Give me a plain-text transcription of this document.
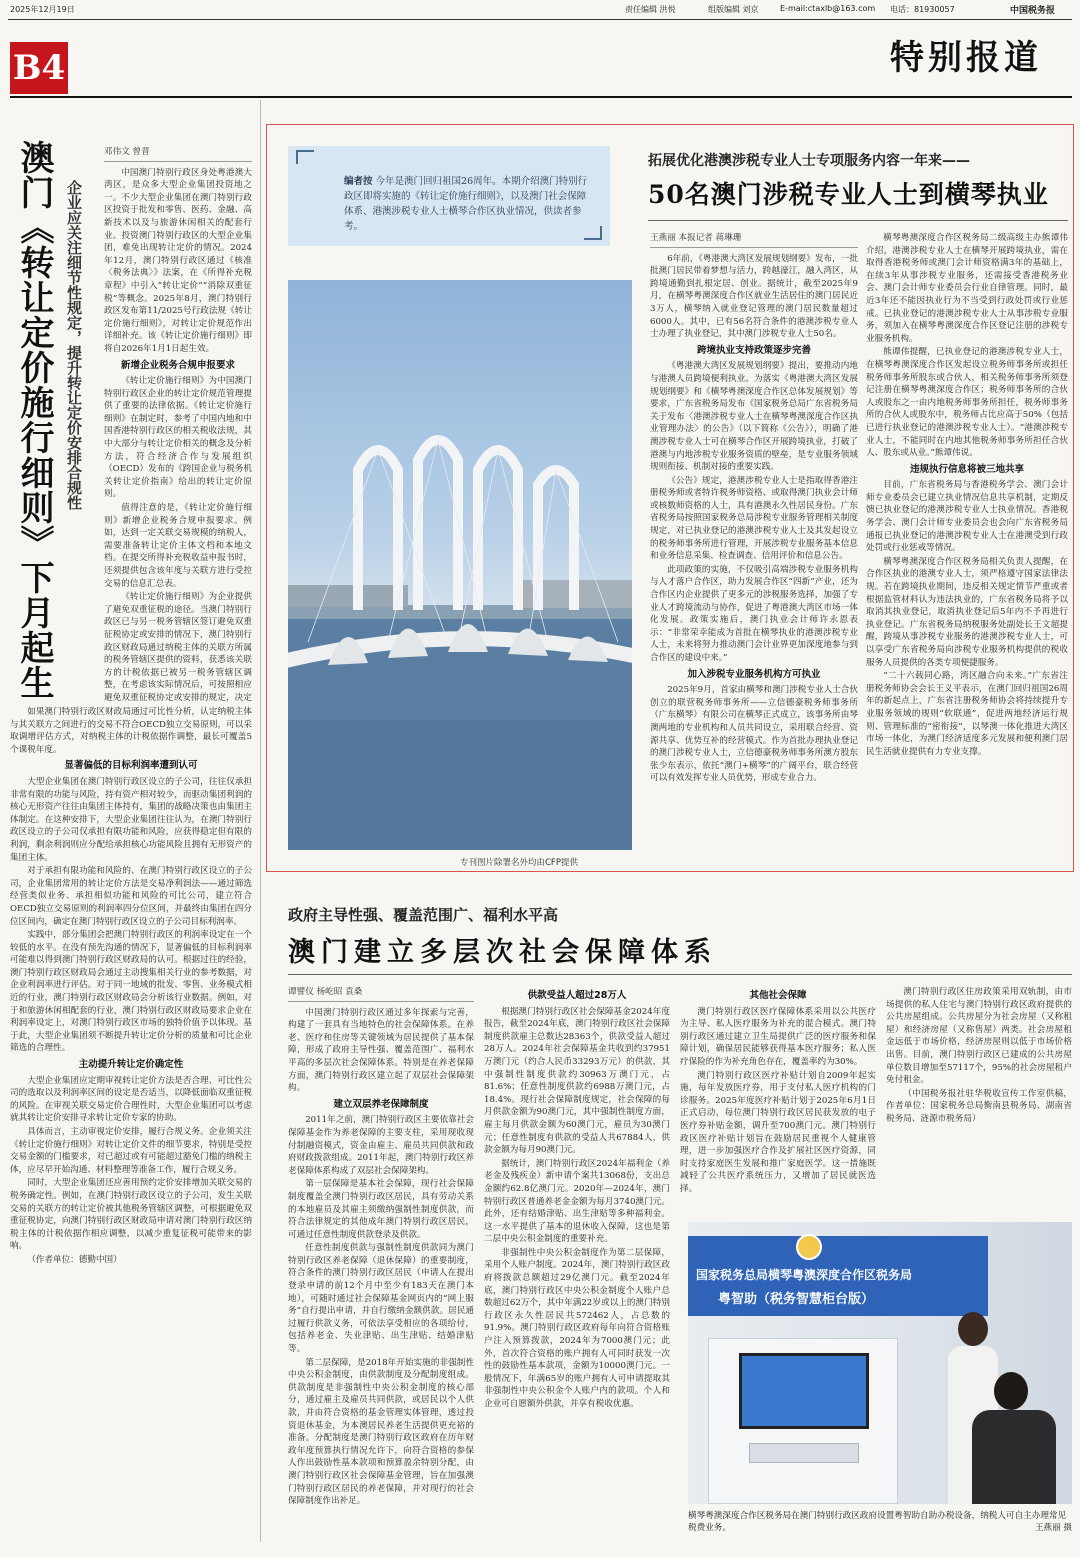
2025年12月19日	责任编辑 洪悦	组版编辑 刘京	E-mail:ctaxlb@163.com 电话：81930057	中国税务报
B4	特别报道
澳门《转让定价施行细则》下月起生
企业应关注细节性规定，提升转让定价安排合规性
邓伟文 曾晋

中国澳门特别行政区身处粤港澳大湾区，是众多大型企业集团投资地之一。不少大型企业集团在澳门特别行政区投资于批发和零售、医药、金融、高新技术以及与旅游休闲相关的配套行业。投资澳门特别行政区的大型企业集团，难免出现转让定价的情况。2024年12月，澳门特别行政区通过《核准〈税务法典〉》法案，在《所得补充税章程》中引入“转让定价”“消除双重征税”等概念。2025年8月，澳门特别行政区发布第11/2025号行政法规《转让定价施行细则》，对转让定价规范作出详细补充。该《转让定价施行细则》即将自2026年1月1日起生效。

新增企业税务合规申报要求

《转让定价施行细则》为中国澳门特别行政区企业的转让定价规范管理提供了重要的法律依据。《转让定价施行细则》在制定时，参考了中国内地和中国香港特别行政区的相关税收法规，其中大部分与转让定价相关的概念及分析方法，符合经济合作与发展组织（OECD）发布的《跨国企业与税务机关转让定价指南》给出的转让定价原则。

值得注意的是，《转让定价施行细则》新增企业税务合规申报要求。例如，达到一定关联交易规模的纳税人，需要准备转让定价主体文档和本地文档。在提交所得补充税收益申报书时，还须提供包含该年度与关联方进行受控交易的信息汇总表。

《转让定价施行细则》为企业提供了避免双重征税的途径。当澳门特别行政区已与另一税务管辖区签订避免双重征税协定或安排的情况下，澳门特别行政区财政局通过纳税主体的关联方所属的税务管辖区提供的资料，获悉该关联方的计税依据已被另一税务管辖区调整，在考虑该实际情况后，可按照相应避免双重征税协定或安排的规定，决定

如果澳门特别行政区财政局通过可比性分析，认定纳税主体与其关联方之间进行的交易不符合OECD独立交易原则，可以采取调增评估方式，对纳税主体的计税依据作调整，最长可覆盖5个课税年度。

显著偏低的目标利润率遭到认可

大型企业集团在澳门特别行政区设立的子公司，往往仅承担非常有限的功能与风险，持有资产相对较少，而驱动集团利润的核心无形资产往往由集团主体持有，集团的战略决策也由集团主体制定。在这种安排下，大型企业集团往往认为，在澳门特别行政区设立的子公司仅承担有限功能和风险，应获得稳定但有限的利润，剩余利润则应分配给承担核心功能风险且拥有无形资产的集团主体。

对于承担有限功能和风险的、在澳门特别行政区设立的子公司，企业集团常用的转让定价方法是交易净利润法——通过筛选经营类似业务、承担相似功能和风险的可比公司，建立符合OECD独立交易原则的利润率四分位区间，并最终由集团在四分位区间内，确定在澳门特别行政区设立的子公司目标利润率。

实践中，部分集团会把澳门特别行政区的利润率设定在一个较低的水平。在没有预先沟通的情况下，显著偏低的目标利润率可能难以得到澳门特别行政区财政局的认可。根据过往的经验，澳门特别行政区财政局会通过主动搜集相关行业的参考数据，对企业利润率进行评估。对于同一地域的批发、零售、业务模式相近的行业，澳门特别行政区财政局会分析该行业数据。例如，对于和旅游休闲相配套的行业，澳门特别行政区财政局要求企业在利润率设定上，对澳门特别行政区市场的独特价值予以体现。基于此，大型企业集团须不断提升转让定价分析的质量和可比企业筛选的合理性。

主动提升转让定价确定性

大型企业集团应定期审视转让定价方法是否合理、可比性公司的选取以及利润率区间的设定是否适当，以降低面临双重征税的风险。在审视关联交易定价合理性时，大型企业集团可以考虑就其转让定价安排寻求转让定价专家的协助。

具体而言，主动审视定价安排，履行合规义务。企业须关注《转让定价施行细则》对转让定价文件的细节要求，特别是受控交易金额的门槛要求，对已超过或有可能超过豁免门槛的纳税主体，应尽早开始沟通、材料整理等准备工作，履行合规义务。

同时，大型企业集团还应善用预约定价安排增加关联交易的税务确定性。例如，在澳门特别行政区设立的子公司，发生关联交易的关联方的转让定价被其他税务管辖区调整，可根据避免双重征税协定，向澳门特别行政区财政局申请对澳门特别行政区纳税主体的计税依据作相应调整，以减少重复征税可能带来的影响。

（作者单位：德勤中国）

编者按 今年是澳门回归祖国26周年。本期介绍澳门特别行政区即将实施的《转让定价施行细则》，以及澳门社会保障体系、港澳涉税专业人士横琴合作区执业情况，供读者参考。
专刊图片除署名外均由CFP提供
拓展优化港澳涉税专业人士专项服务内容一年来——
50名澳门涉税专业人士到横琴执业
王燕丽 本报记者 蒋琳珊

6年前，《粤港澳大湾区发展规划纲要》发布，一批批澳门居民带着梦想与活力，跨越濠江，融入湾区，从跨境通勤到扎根定居、创业。据统计，截至2025年9月，在横琴粤澳深度合作区就业生活居住的澳门居民近3万人，横琴纳入就业登记管理的澳门居民数量超过6000人。其中，已有56名符合条件的港澳涉税专业人士办理了执业登记，其中澳门涉税专业人士50名。

跨境执业支持政策逐步完善

《粤港澳大湾区发展规划纲要》提出，要推动内地与港澳人员跨境便利执业。为落实《粤港澳大湾区发展规划纲要》和《横琴粤澳深度合作区总体发展规划》等要求，广东省税务局发布《国家税务总局广东省税务局关于发布〈港澳涉税专业人士在横琴粤澳深度合作区执业管理办法〉的公告》（以下简称《公告》），明确了港澳涉税专业人士可在横琴合作区开展跨境执业，打破了港澳与内地涉税专业服务资质的壁垒，是专业服务领域规则衔接、机制对接的重要实践。

《公告》规定，港澳涉税专业人士是指取得香港注册税务师或者特许税务师资格、或取得澳门执业会计师或核数师资格的人士，具有港澳永久性居民身份。广东省税务局按照国家税务总局涉税专业服务管理相关制度规定，对已执业登记的港澳涉税专业人士及其发起设立的税务师事务所进行管理，开展涉税专业服务基本信息和业务信息采集、检查调查、信用评价和信息公告。

此项政策的实施，不仅吸引高端涉税专业服务机构与人才落户合作区，助力发展合作区“四新”产业，还为合作区内企业提供了更多元的涉税服务选择，加强了专业人才跨境流动与协作，促进了粤港澳大湾区市场一体化发展。政策实施后，澳门执业会计师许永恩表示：“非常荣幸能成为首批在横琴执业的港澳涉税专业人士，未来将努力推动澳门会计业界更加深度地参与到合作区的建设中来。”

加入涉税专业服务机构方可执业

2025年9月，首家由横琴和澳门涉税专业人士合伙创立的联营税务师事务所——立信德豪税务师事务所（广东横琴）有限公司在横琴正式成立，该事务所由琴澳两地的专业机构和人员共同设立，采用联合经营、资源共享、优势互补的经营模式。作为首批办理执业登记的澳门涉税专业人士，立信德豪税务师事务所澳方股东张少东表示，依托“澳门+横琴”的广阔平台，联合经营可以有效发挥专业人员优势，形成专业合力。

横琴粤澳深度合作区税务局二级高级主办熊谭伟介绍，港澳涉税专业人士在横琴开展跨境执业，需在取得香港税务师或澳门会计师资格满3年的基础上，在续3年从事涉税专业服务，还需接受香港税务业会、澳门会计师专业委员会行业自律管理。同时，最近3年还不能因执业行为不当受到行政处罚或行业惩戒。已执业登记的港澳涉税专业人士从事涉税专业服务，须加入在横琴粤澳深度合作区登记注册的涉税专业服务机构。

熊谭伟提醒，已执业登记的港澳涉税专业人士，在横琴粤澳深度合作区发起设立税务师事务所或担任税务师事务所股东或合伙人，相关税务师事务所须登记注册在横琴粤澳深度合作区；税务师事务所的合伙人或股东之一由内地税务师事务所担任，税务师事务所的合伙人或股东中，税务师占比应高于50%（包括已进行执业登记的港澳涉税专业人士）。“港澳涉税专业人士，不能同时在内地其他税务师事务所担任合伙人、股东或从业。”熊谭伟说。

违规执行信息将被三地共享

目前，广东省税务局与香港税务学会、澳门会计师专业委员会已建立执业情况信息共享机制，定期反馈已执业登记的港澳涉税专业人士执业情况。香港税务学会、澳门会计师专业委员会也会向广东省税务局通报已执业登记的港澳涉税专业人士在港澳受到行政处罚或行业惩戒等情况。

横琴粤澳深度合作区税务局相关负责人提醒，在合作区执业的港澳专业人士，须严格遵守国家法律法规。若在跨境执业期间，违反相关规定情节严重或者根据监管材料认为违法执业的，广东省税务局将予以取消其执业登记，取消执业登记后5年内不予再进行执业登记。广东省税务局纳税服务处副处长王文超提醒，跨境从事涉税专业服务的港澳涉税专业人士，可以享受广东省税务局向涉税专业服务机构提供的税收服务人员提供的各类专项便捷服务。

“二十六载同心路，湾区融合向未来。”广东省注册税务师协会会长王义平表示，在澳门回归祖国26周年的新起点上，广东省注册税务师协会将持续提升专业服务领域的规则“软联通”，促进两地经济运行规则、管理标准的“密衔接”，以琴澳一体化推进大湾区市场一体化，为澳门经济适度多元发展和便利澳门居民生活就业提供有力专业支撑。

政府主导性强、覆盖范围广、福利水平高
澳门建立多层次社会保障体系
谭譬仪 杨屹昭 袁桑

中国澳门特别行政区通过多年探索与完善，构建了一套具有当地特色的社会保障体系。在养老、医疗和住房等关键领域为居民提供了基本保障，形成了政府主导性强、覆盖范围广、福利水平高的多层次社会保障体系。特别是在养老保障方面，澳门特别行政区建立起了双层社会保障架构。

建立双层养老保障制度

2011年之前，澳门特别行政区主要依靠社会保障基金作为养老保障的主要支柱，采用现收现付制融资模式，资金由雇主、雇员共同供款和政府财政拨款组成。2011年起，澳门特别行政区养老保障体系构成了双层社会保障架构。

第一层保障是基本社会保障，现行社会保障制度覆盖全澳门特别行政区居民，具有劳动关系的本地雇员及其雇主须缴纳强制性制度供款，而符合法律规定的其他成年澳门特别行政区居民，可通过任意性制度供款登录及供款。

任意性制度供款与强制性制度供款同为澳门特别行政区养老保障（退休保障）的重要制度，符合条件的澳门特别行政区居民（申请人在提出登录申请的前12个月中至少有183天在澳门本地），可随时通过社会保障基金网页内的“网上服务”自行提出申请，并自行缴纳金额供款。居民通过履行供款义务，可依法享受相应的各项给付，包括养老金、失业津贴、出生津贴、结婚津贴等。

第二层保障，是2018年开始实施的非强制性中央公积金制度，由供款制度及分配制度组成。供款制度是非强制性中央公积金制度的核心部分，通过雇主及雇员共同供款，或居民以个人供款，并由符合资格的基金管理实体管理，透过投资退休基金，为本澳居民养老生活提供更充裕的准备。分配制度是澳门特别行政区政府在历年财政年度预算执行情况允许下，向符合资格的参保人作出鼓励性基本款项和预算盈余特别分配，由澳门特别行政区社会保障基金管理，旨在加强澳门特别行政区居民的养老保障，并对现行的社会保障制度作出补足。

供款受益人超过28万人

根据澳门特别行政区社会保障基金2024年度报告，截至2024年底，澳门特别行政区社会保障制度供款雇主总数达28363个，供款受益人超过28万人。2024年社会保障基金共收到约37951万澳门元（约合人民币33293万元）的供款，其中强制性制度供款约30963万澳门元，占81.6%；任意性制度供款约6988万澳门元，占18.4%。现行社会保障制度规定，社会保障的每月供款金额为90澳门元，其中强制性制度方面，雇主每月供款金额为60澳门元，雇员为30澳门元；任意性制度有供款的受益人共67884人，供款金额为每月90澳门元。

据统计，澳门特别行政区2024年福利金（养老金及残疾金）新申请个案共13068份，支出总金额约62.8亿澳门元。2020年—2024年，澳门特别行政区普通养老金金额为每月3740澳门元。此外，还有结婚津贴、出生津贴等多种福利金。这一水平提供了基本的退休收入保障，这也是第二层中央公积金制度的重要补充。

非强制性中央公积金制度作为第二层保障，采用个人账户制度。2024年，澳门特别行政区政府将拨款总额超过29亿澳门元。截至2024年底，澳门特别行政区中央公积金制度个人账户总数超过62万个，其中年满22岁或以上的澳门特别行政区永久性居民共572462人，占总数的91.9%。澳门特别行政区政府每年向符合资格账户注入预算拨款，2024年为7000澳门元；此外，首次符合资格的账户拥有人可同时获发一次性的鼓励性基本款项，金额为10000澳门元。一般情况下，年满65岁的账户拥有人可申请提取其非强制性中央公积金个人账户内的款项。个人和企业可自愿额外供款，并享有税收优惠。

其他社会保障

澳门特别行政区医疗保障体系采用以公共医疗为主导、私人医疗服务为补充的混合模式。澳门特别行政区通过建立卫生局提供广泛的医疗服务和保障计划，确保居民能够获得基本医疗服务；私人医疗保险的作为补充角色存在，覆盖率约为30%。

澳门特别行政区医疗补贴计划自2009年起实施，每年发放医疗券，用于支付私人医疗机构的门诊服务。2025年度医疗补贴计划于2025年6月1日正式启动，每位澳门特别行政区居民获发放的电子医疗券补贴金额，调升至700澳门元。澳门特别行政区医疗补贴计划旨在鼓励居民重视个人健康管理，进一步加强医疗合作及扩展社区医疗资源，同时支持家庭医生发展和推广家庭医学。这一措施既减轻了公共医疗系统压力，又增加了居民就医选择。

澳门特别行政区住房政策采用双轨制，由市场提供的私人住宅与澳门特别行政区政府提供的公共房屋组成。公共房屋分为社会房屋（又称租屋）和经济房屋（又称售屋）两类。社会房屋租金远低于市场价格，经济房屋则以低于市场价格出售。目前，澳门特别行政区已建成的公共房屋单位数目增加至57117个，95%的社会房屋租户免付租金。

（中国税务报社驻华税收宣传工作室供稿，作者单位：国家税务总局衡南县税务局、湖南省税务局、涟源市税务局）

国家税务总局横琴粤澳深度合作区税务局
粤智助（税务智慧柜台版）
横琴粤澳深度合作区税务局在澳门特别行政区政府设置粤智助自助办税设备，纳税人可自主办理常见税费业务。	王燕丽 摄
